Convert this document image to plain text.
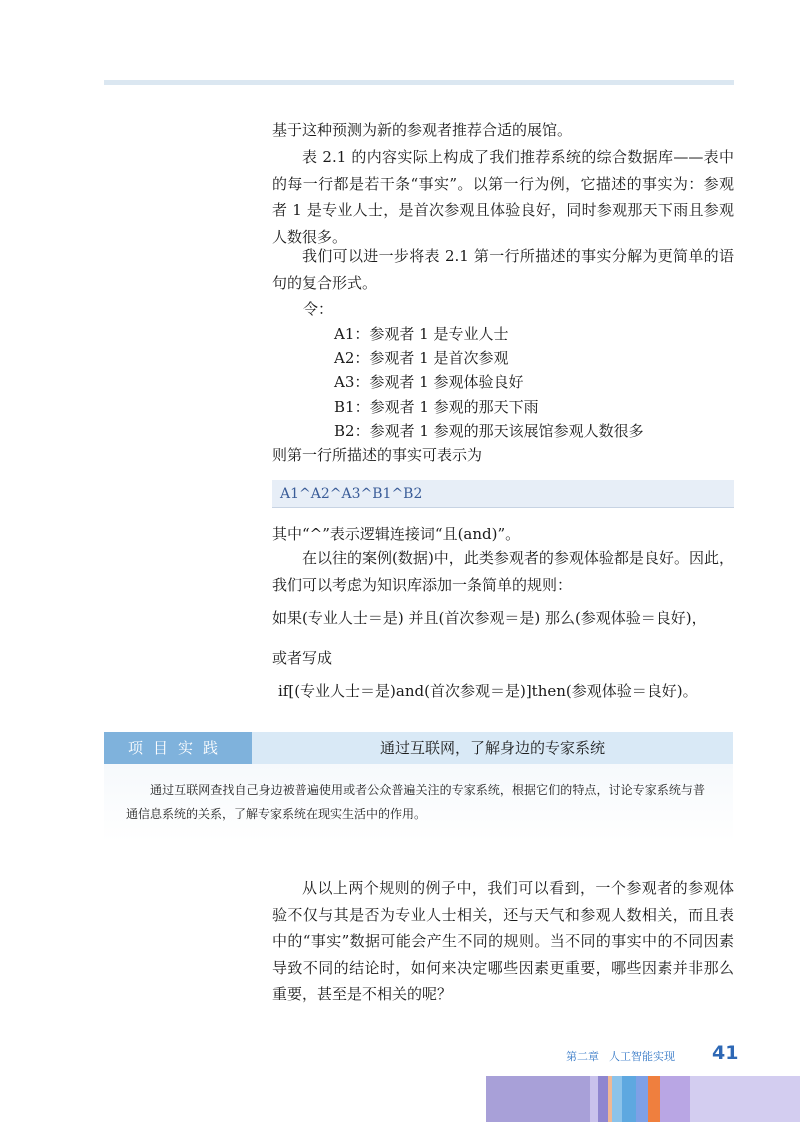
基于这种预测为新的参观者推荐合适的展馆。

表 2.1 的内容实际上构成了我们推荐系统的综合数据库——表中的每一行都是若干条“事实”。以第一行为例，它描述的事实为：参观者 1 是专业人士，是首次参观且体验良好，同时参观那天下雨且参观人数很多。

我们可以进一步将表 2.1 第一行所描述的事实分解为更简单的语句的复合形式。

令：
A1：参观者 1 是专业人士
A2：参观者 1 是首次参观
A3：参观者 1 参观体验良好
B1：参观者 1 参观的那天下雨
B2：参观者 1 参观的那天该展馆参观人数很多
则第一行所描述的事实可表示为
A1^A2^A3^B1^B2
其中“^”表示逻辑连接词“且(and)”。

在以往的案例(数据)中，此类参观者的参观体验都是良好。因此，我们可以考虑为知识库添加一条简单的规则：

如果(专业人士＝是) 并且(首次参观＝是) 那么(参观体验＝良好)，
或者写成
if[(专业人士＝是)and(首次参观＝是)]then(参观体验＝良好)。
项目实践	通过互联网，了解身边的专家系统

通过互联网查找自己身边被普遍使用或者公众普遍关注的专家系统，根据它们的特点，讨论专家系统与普通信息系统的关系，了解专家系统在现实生活中的作用。

从以上两个规则的例子中，我们可以看到，一个参观者的参观体验不仅与其是否为专业人士相关，还与天气和参观人数相关，而且表中的“事实”数据可能会产生不同的规则。当不同的事实中的不同因素导致不同的结论时，如何来决定哪些因素更重要，哪些因素并非那么重要，甚至是不相关的呢？

第二章 人工智能实现 41
